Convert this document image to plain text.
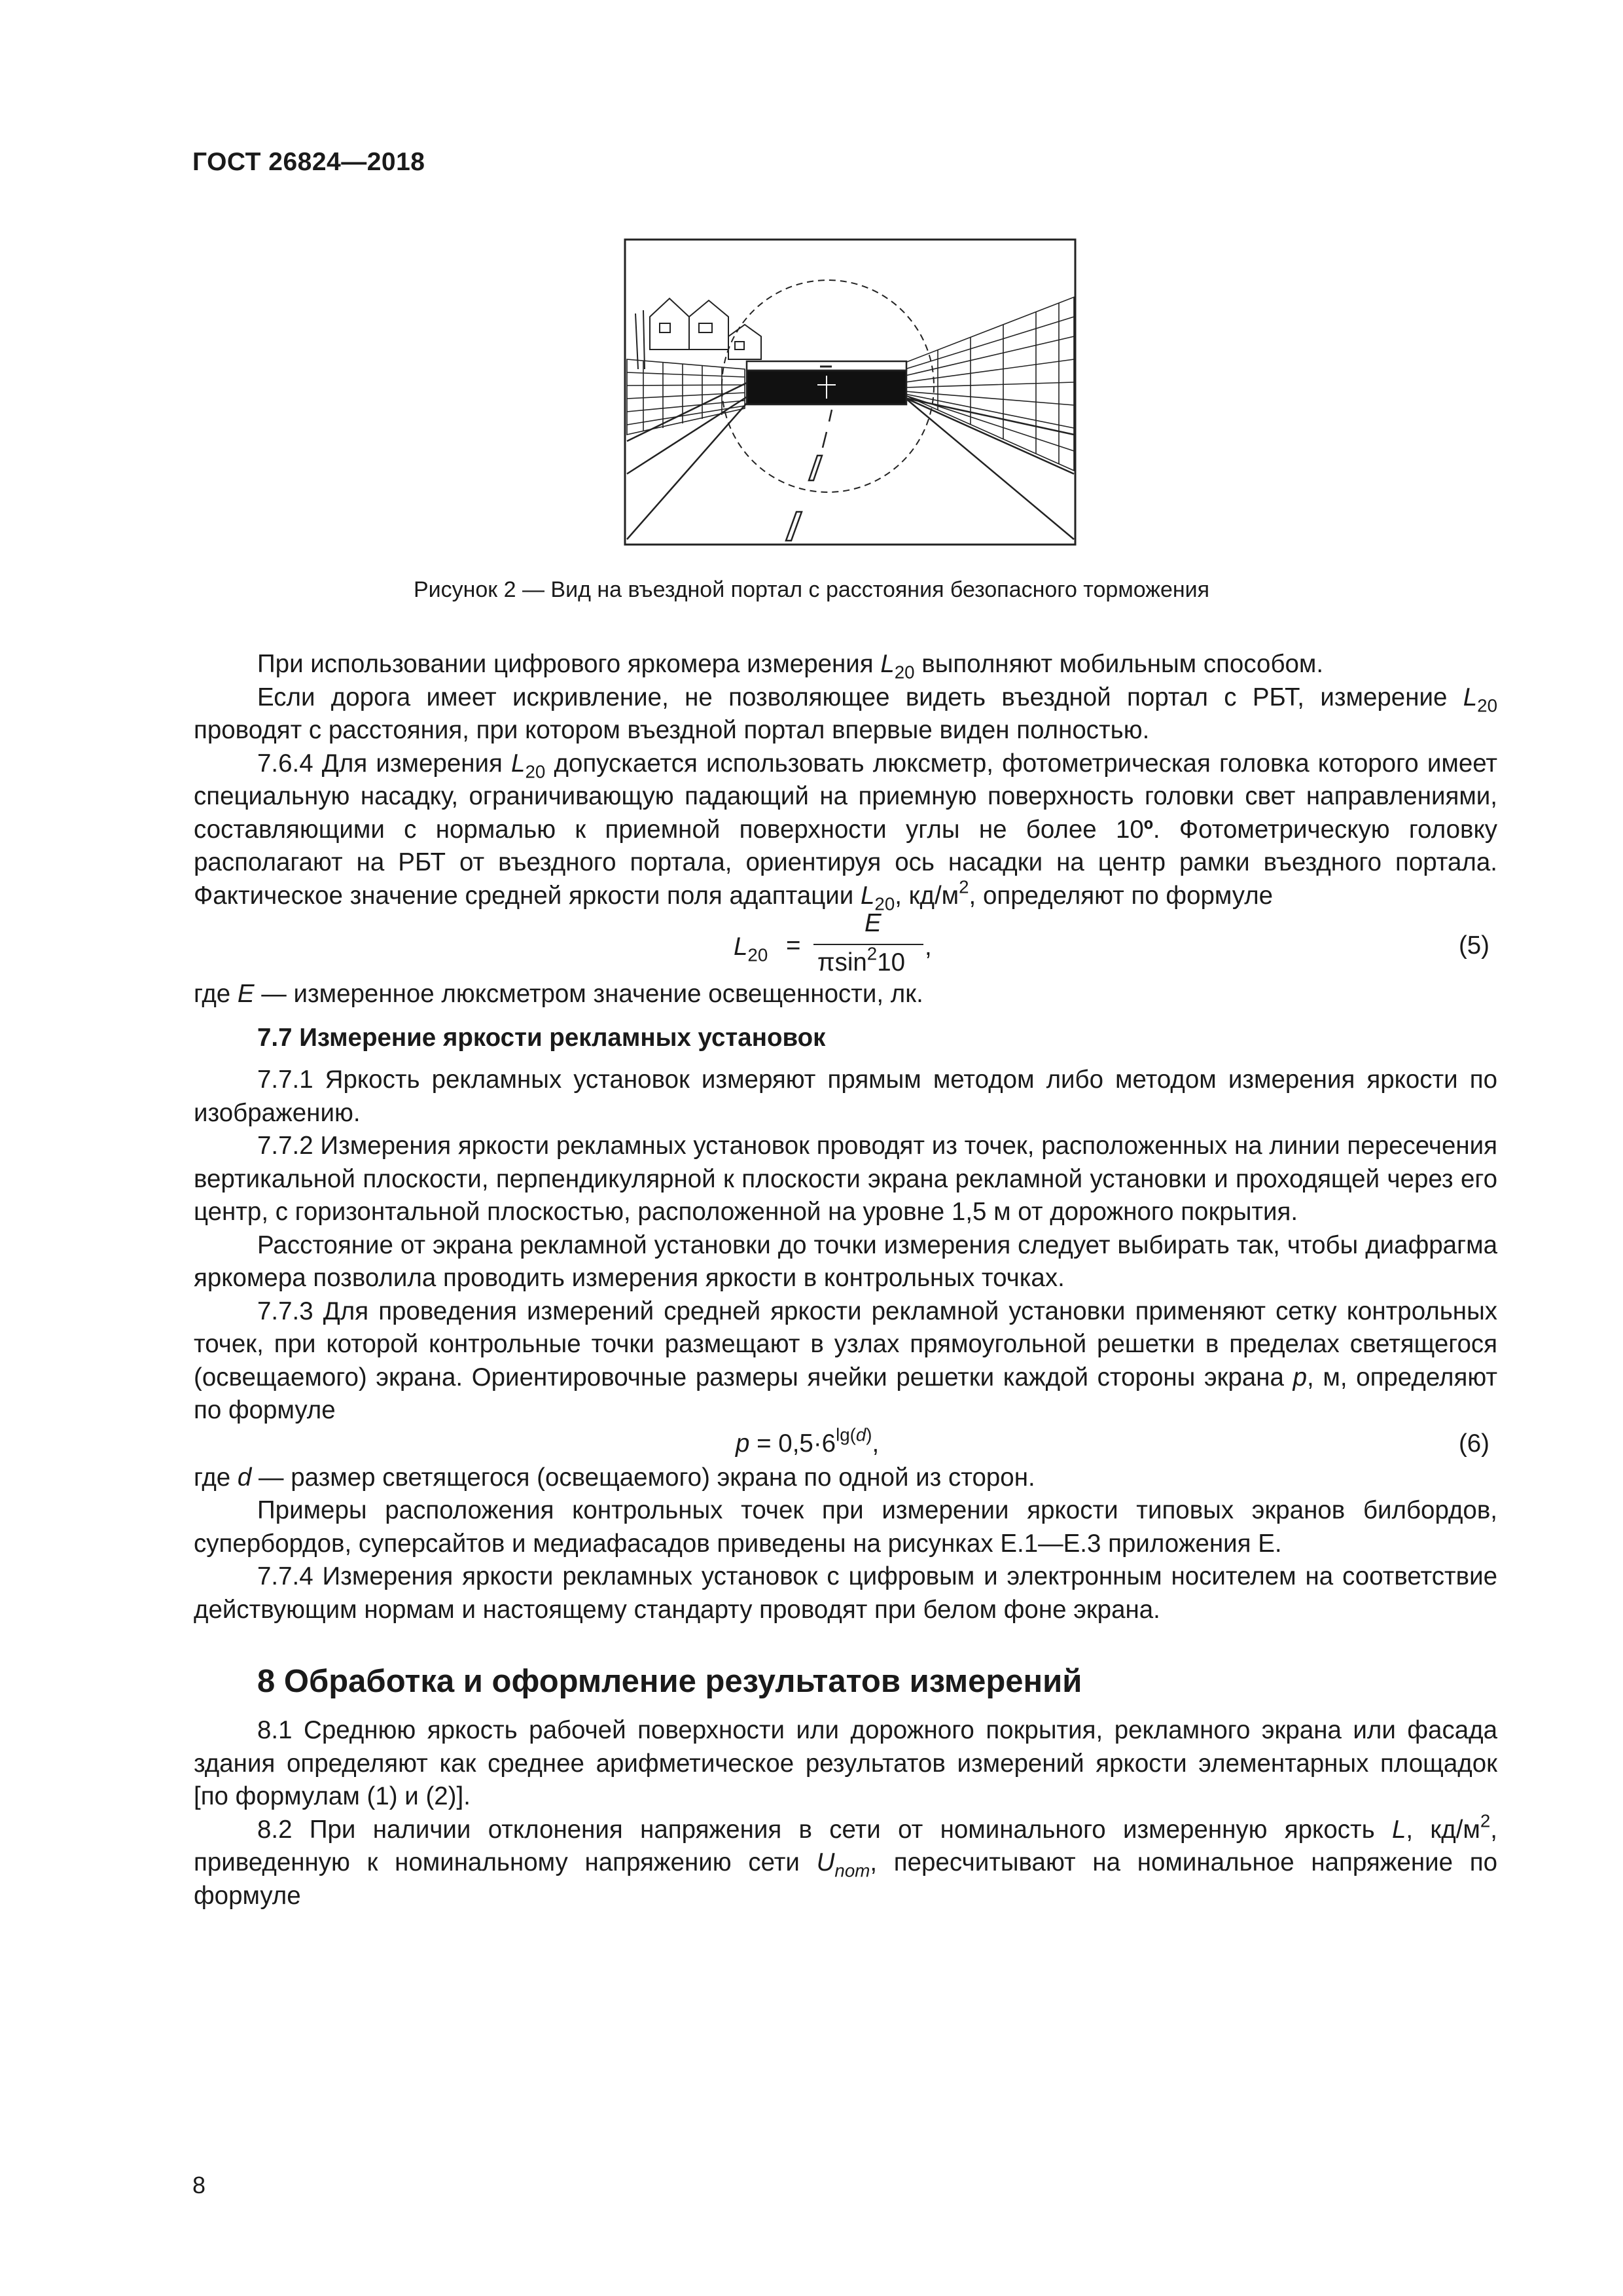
ГОСТ 26824—2018
Рисунок 2 — Вид на въездной портал с расстояния безопасного торможения

При использовании цифрового яркомера измерения $L_{20}$ выполняют мобильным способом.

Если дорога имеет искривление, не позволяющее видеть въездной портал с РБТ, измерение $L_{20}$ проводят с расстояния, при котором въездной портал впервые виден полностью.

7.6.4 Для измерения $L_{20}$ допускается использовать люксметр, фотометрическая головка которого имеет специальную насадку, ограничивающую падающий на приемную поверхность головки свет направлениями, составляющими с нормалью к приемной поверхности углы не более 10º. Фотометрическую головку располагают на РБТ от въездного портала, ориентируя ось насадки на центр рамки въездного портала. Фактическое значение средней яркости поля адаптации $L_{20}$, $кд/м^2$, определяют по формуле

$L_{20}$ =
E
πsin$^2$10
,	(5)

где E — измеренное люксметром значение освещенности, лк.

7.7 Измерение яркости рекламных установок

7.7.1 Яркость рекламных установок измеряют прямым методом либо методом измерения яркости по изображению.

7.7.2 Измерения яркости рекламных установок проводят из точек, расположенных на линии пересечения вертикальной плоскости, перпендикулярной к плоскости экрана рекламной установки и проходящей через его центр, с горизонтальной плоскостью, расположенной на уровне 1,5 м от дорожного покрытия.

Расстояние от экрана рекламной установки до точки измерения следует выбирать так, чтобы диафрагма яркомера позволила проводить измерения яркости в контрольных точках.

7.7.3 Для проведения измерений средней яркости рекламной установки применяют сетку контрольных точек, при которой контрольные точки размещают в узлах прямоугольной решетки в пределах светящегося (освещаемого) экрана. Ориентировочные размеры ячейки решетки каждой стороны экрана p, м, определяют по формуле

$p = 0,5\cdot 6^{lg(d)}$,	(6)

где d — размер светящегося (освещаемого) экрана по одной из сторон.

Примеры расположения контрольных точек при измерении яркости типовых экранов билбордов, супербордов, суперсайтов и медиафасадов приведены на рисунках Е.1—Е.3 приложения Е.

7.7.4 Измерения яркости рекламных установок с цифровым и электронным носителем на соответствие действующим нормам и настоящему стандарту проводят при белом фоне экрана.

8 Обработка и оформление результатов измерений

8.1 Среднюю яркость рабочей поверхности или дорожного покрытия, рекламного экрана или фасада здания определяют как среднее арифметическое результатов измерений яркости элементарных площадок [по формулам (1) и (2)].

8.2 При наличии отклонения напряжения в сети от номинального измеренную яркость L, $кд/м^2$, приведенную к номинальному напряжению сети $U_{nom}$, пересчитывают на номинальное напряжение по формуле

8
